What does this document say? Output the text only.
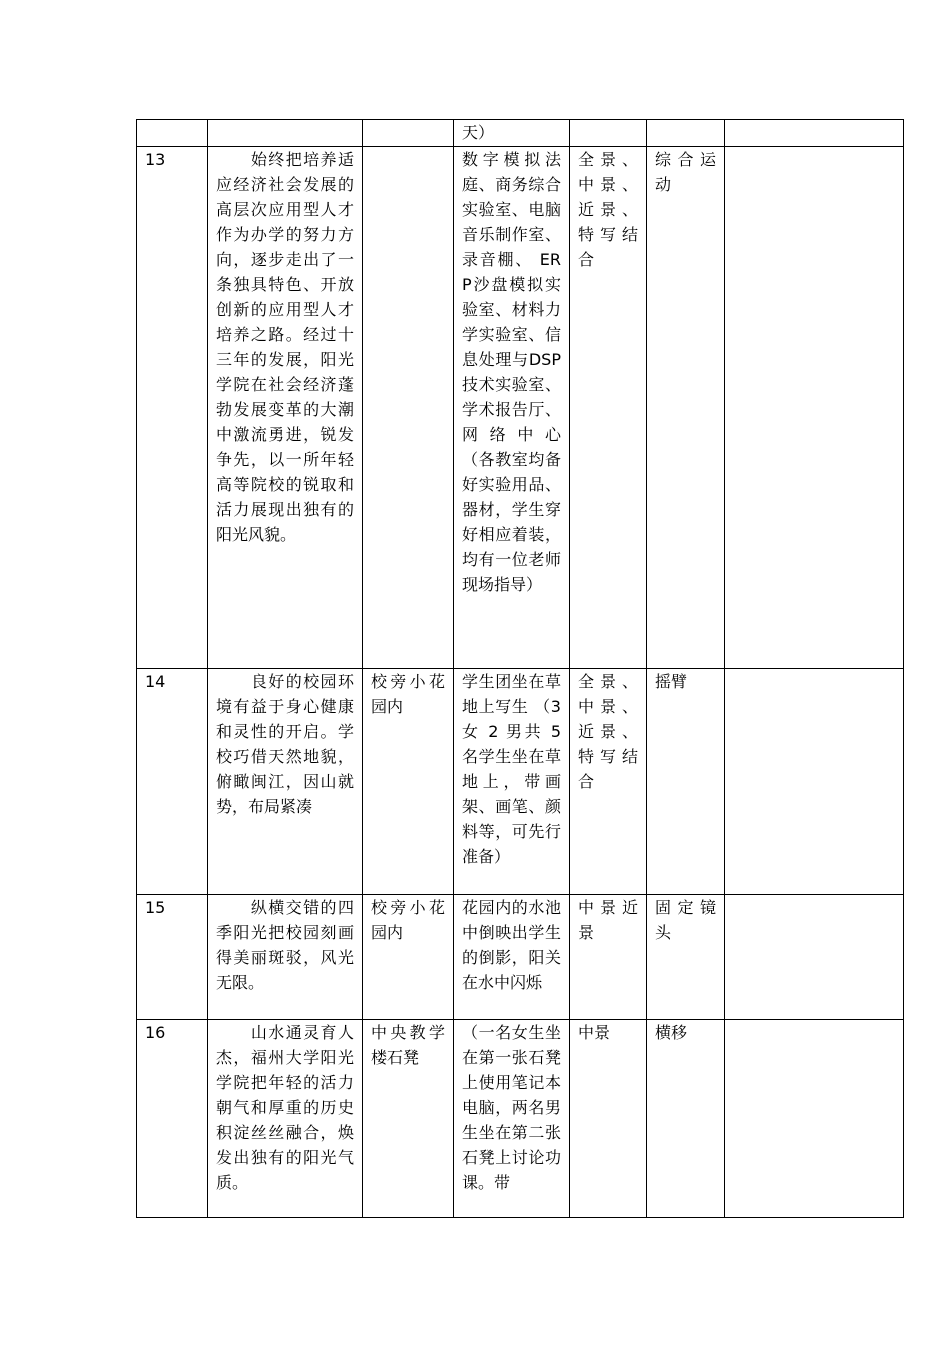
			天）			

13	　　始终把培养适应经济社会发展的高层次应用型人才作为办学的努力方向，逐步走出了一条独具特色、开放创新的应用型人才培养之路。经过十三年的发展，阳光学院在社会经济蓬勃发展变革的大潮中激流勇进，锐发争先，以一所年轻高等院校的锐取和活力展现出独有的阳光风貌。		数字模拟法庭、商务综合实验室、电脑音乐制作室、录音棚、 ERP沙盘模拟实验室、材料力学实验室、信息处理与DSP技术实验室、学术报告厅、网络中心 （各教室均备好实验用品、器材，学生穿好相应着装，均有一位老师现场指导）	全景、中景、近景、特写结合	综合运动	

14	　　良好的校园环境有益于身心健康和灵性的开启。学校巧借天然地貌，俯瞰闽江，因山就势，布局紧凑	校旁小花园内	学生团坐在草地上写生 （3 女 2 男共 5 名学生坐在草地上，带画架、画笔、颜料等，可先行准备）	全景、中景、近景、特写结合	摇臂	

15	　　纵横交错的四季阳光把校园刻画得美丽斑驳，风光无限。	校旁小花园内	花园内的水池中倒映出学生的倒影，阳关在水中闪烁	中景近景	固定镜头	

16	　　山水通灵育人杰，福州大学阳光学院把年轻的活力朝气和厚重的历史积淀丝丝融合，焕发出独有的阳光气质。	中央教学楼石凳	（一名女生坐在第一张石凳上使用笔记本电脑，两名男生坐在第二张石凳上讨论功课。带	中景	横移	
